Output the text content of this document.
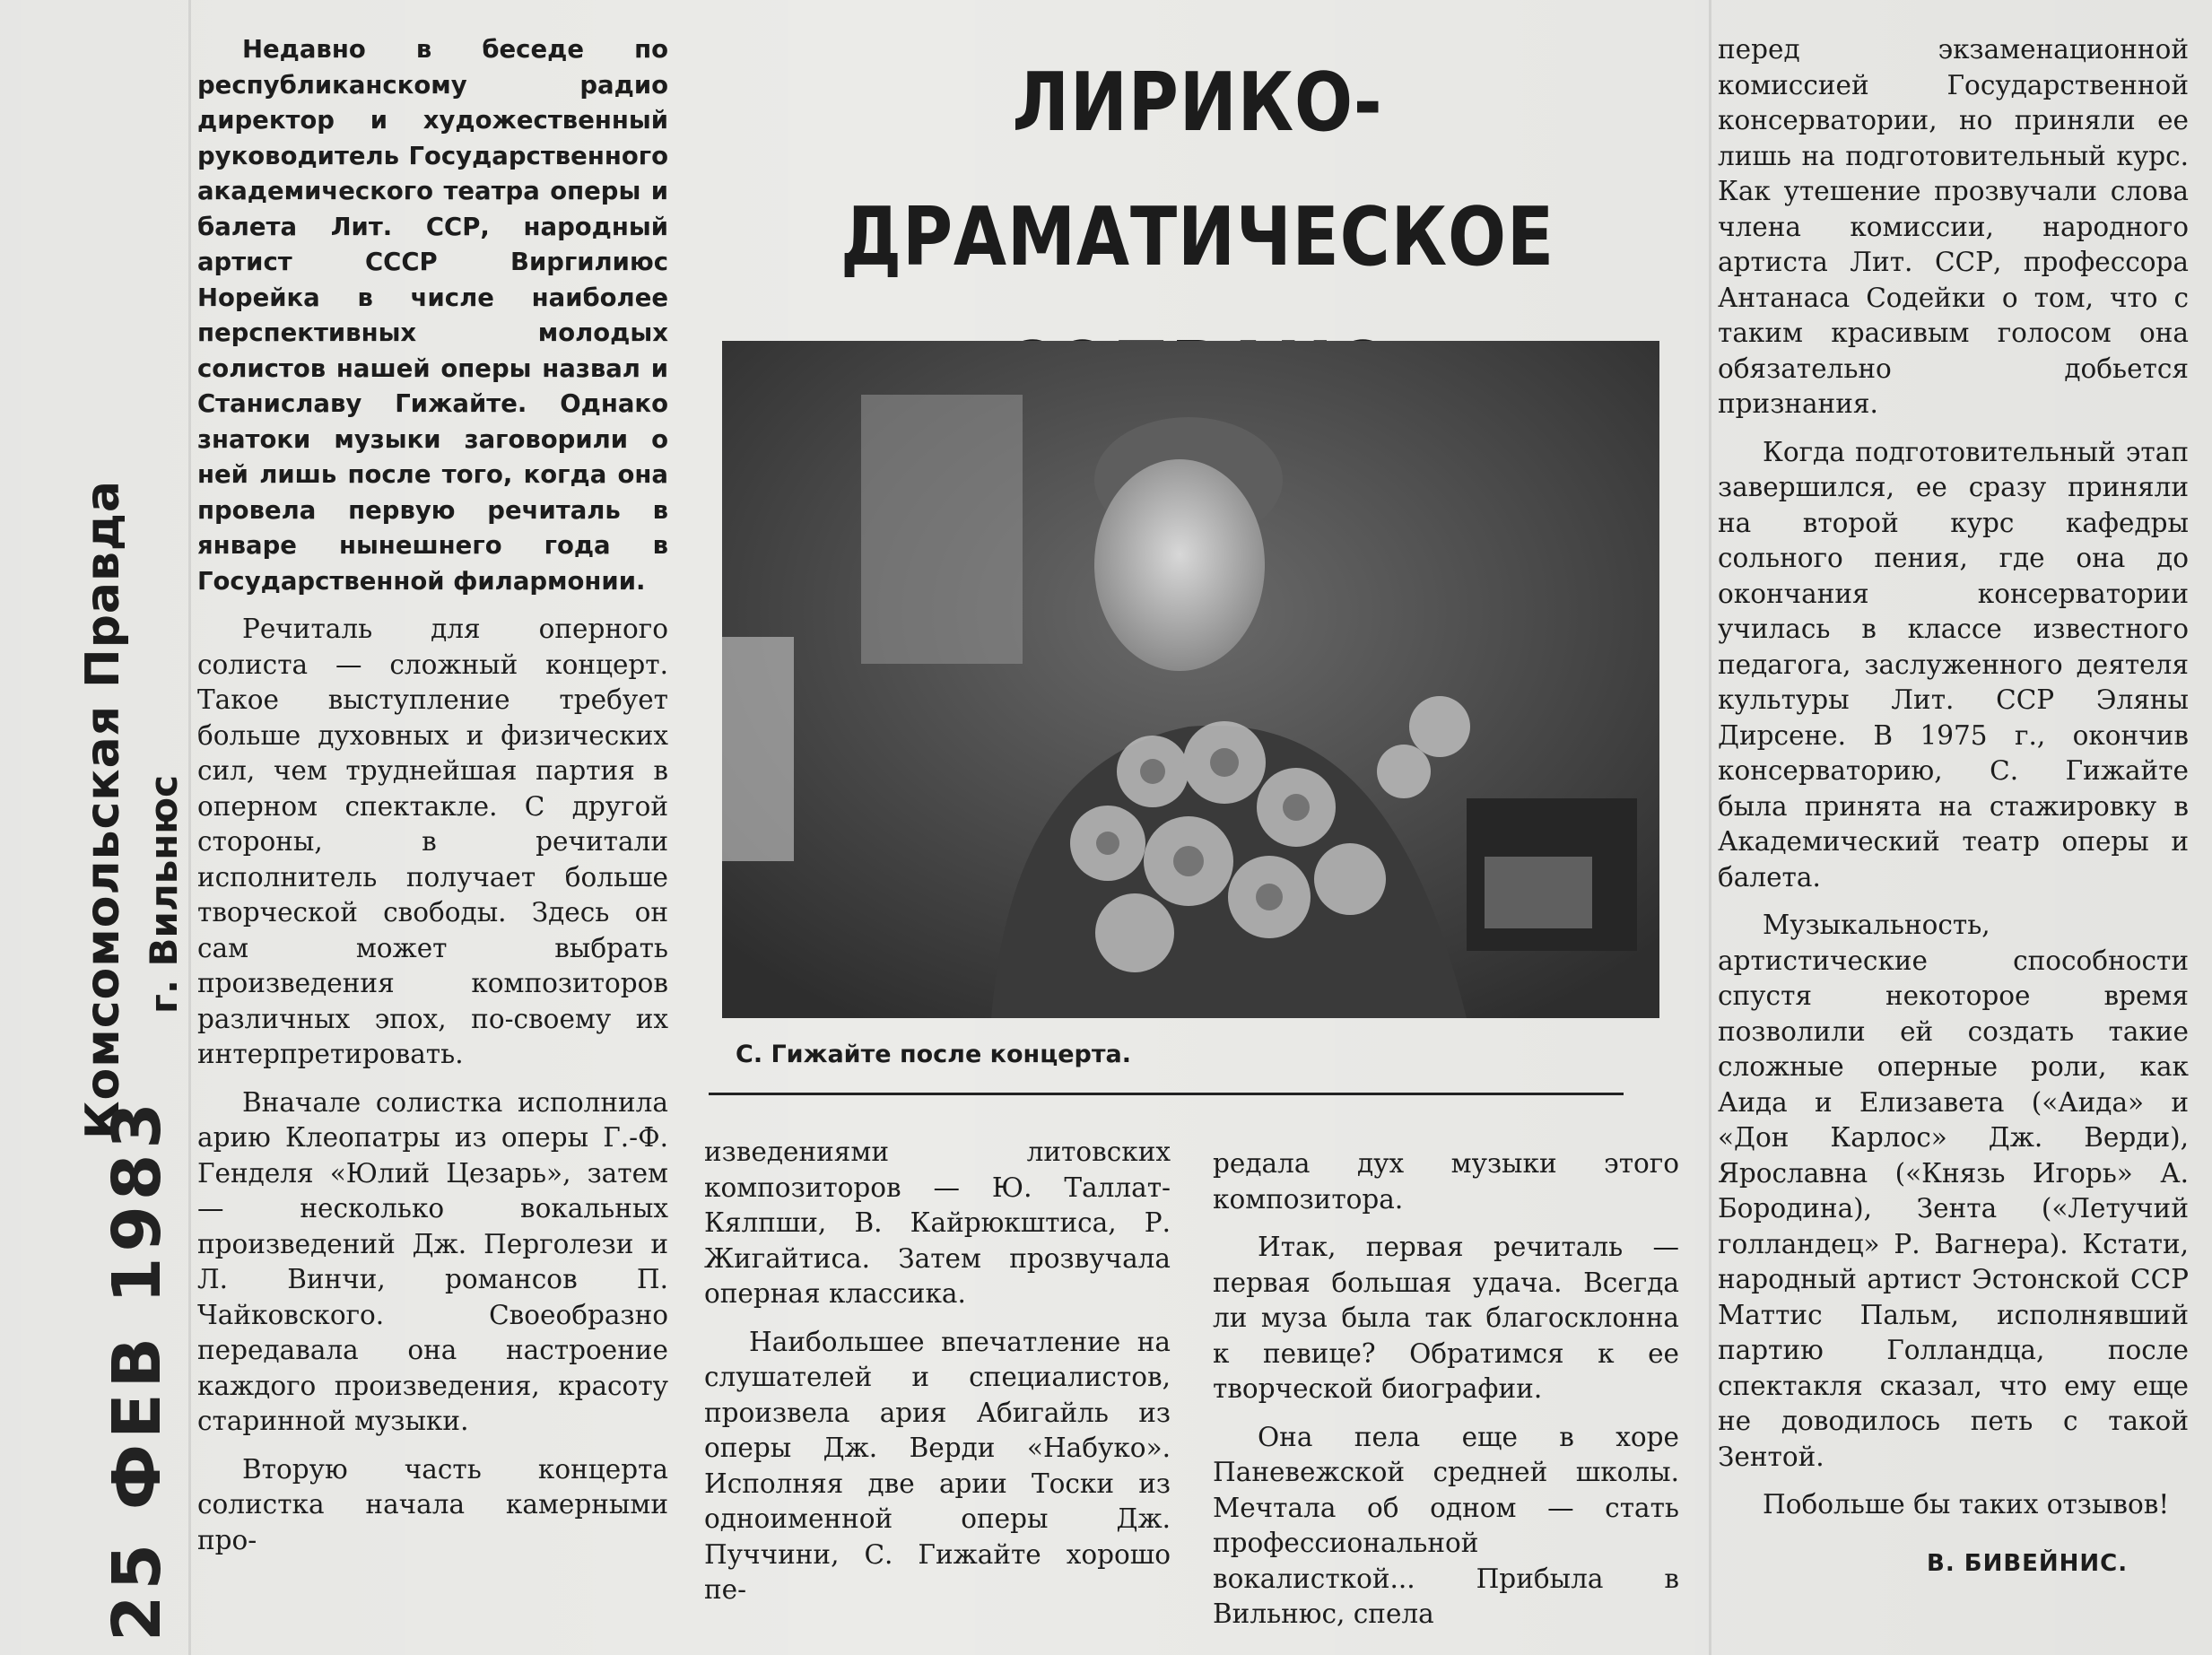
Комсомольская Правда г. Вильнюс
25 ФЕВ 1983

Недавно в беседе по республиканскому радио директор и художественный руководитель Государственного академического театра оперы и балета Лит. ССР, народный артист СССР Виргилиюс Норейка в числе наиболее перспективных молодых солистов нашей оперы назвал и Станиславу Гижайте. Однако знатоки музыки заговорили о ней лишь после того, когда она провела первую речиталь в январе нынешнего года в Государственной филармонии.

Речиталь для оперного солиста — сложный концерт. Такое выступление требует больше духовных и физических сил, чем труднейшая партия в оперном спектакле. С другой стороны, в речитали исполнитель получает больше творческой свободы. Здесь он сам может выбрать произведения композиторов различных эпох, по-своему их интерпретировать.

Вначале солистка исполнила арию Клеопатры из оперы Г.-Ф. Генделя «Юлий Цезарь», затем — несколько вокальных произведений Дж. Перголези и Л. Винчи, романсов П. Чайковского. Своеобразно передавала она настроение каждого произведения, красоту старинной музыки.

Вторую часть концерта солистка начала камерными про-

ЛИРИКО-ДРАМАТИЧЕСКОЕ
С. Гижайте после концерта.

изведениями литовских композиторов — Ю. Таллат-Кялпши, В. Кайрюкштиса, Р. Жигайтиса. Затем прозвучала оперная классика.

Наибольшее впечатление на слушателей и специалистов, произвела ария Абигайль из оперы Дж. Верди «Набуко». Исполняя две арии Тоски из одноименной оперы Дж. Пуччини, С. Гижайте хорошо пе-

редала дух музыки этого композитора.

Итак, первая речиталь — первая большая удача. Всегда ли муза была так благосклонна к певице? Обратимся к ее творческой биографии.

Она пела еще в хоре Паневежской средней школы. Мечтала об одном — стать профессиональной вокалисткой... Прибыла в Вильнюс, спела

перед экзаменационной комиссией Государственной консерватории, но приняли ее лишь на подготовительный курс. Как утешение прозвучали слова члена комиссии, народного артиста Лит. ССР, профессора Антанаса Содейки о том, что с таким красивым голосом она обязательно добьется признания.

Когда подготовительный этап завершился, ее сразу приняли на второй курс кафедры сольного пения, где она до окончания консерватории училась в классе известного педагога, заслуженного деятеля культуры Лит. ССР Эляны Дирсене. В 1975 г., окончив консерваторию, С. Гижайте была принята на стажировку в Академический театр оперы и балета.

Музыкальность, артистические способности спустя некоторое время позволили ей создать такие сложные оперные роли, как Аида и Елизавета («Аида» и «Дон Карлос» Дж. Верди), Ярославна («Князь Игорь» А. Бородина), Зента («Летучий голландец» Р. Вагнера). Кстати, народный артист Эстонской ССР Маттис Пальм, исполнявший партию Голландца, после спектакля сказал, что ему еще не доводилось петь с такой Зентой.

Побольше бы таких отзывов!

В. БИВЕЙНИС.
